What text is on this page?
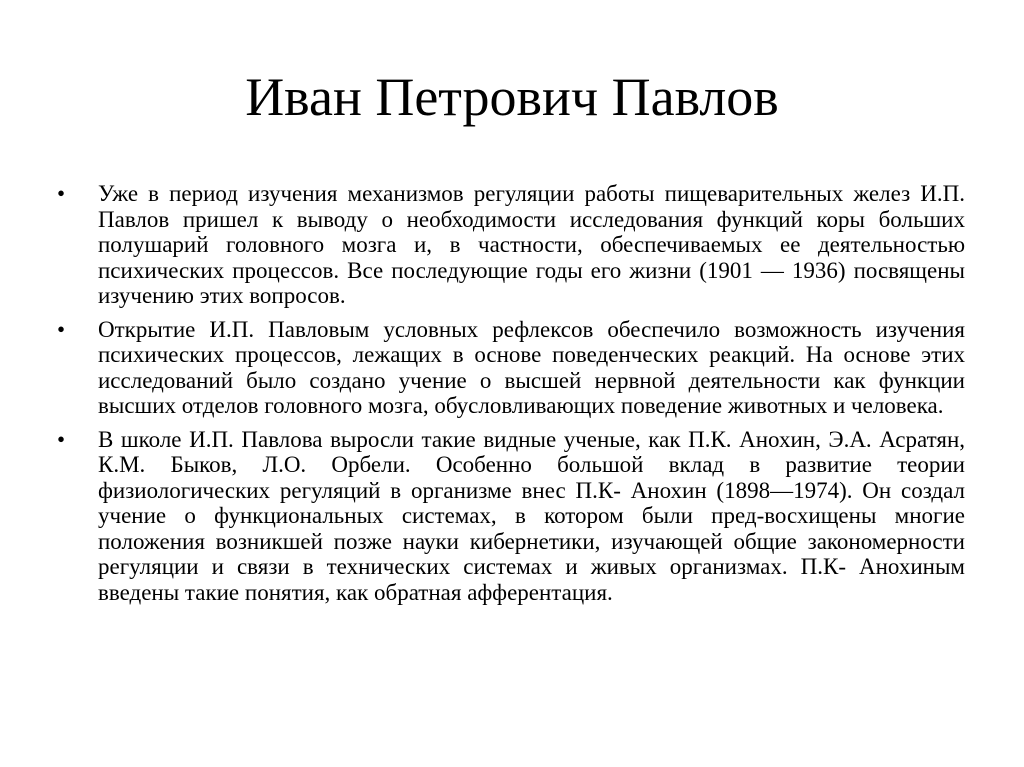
Иван Петрович Павлов
•	Уже в период изучения механизмов регуляции работы пищеварительных желез И.П. Павлов пришел к выводу о необходимости исследования функций коры больших полушарий головного мозга и, в частности, обеспечиваемых ее деятельностью психических процессов. Все последующие годы его жизни (1901 — 1936) посвящены изучению этих вопросов.

•	Открытие И.П. Павловым условных рефлексов обеспечило возможность изучения психических процессов, лежащих в основе поведенческих реакций. На основе этих исследований было создано учение о высшей нервной деятельности как функции высших отделов головного мозга, обусловливающих поведение животных и человека.

•	В школе И.П. Павлова выросли такие видные ученые, как П.К. Анохин, Э.А. Асратян, К.М. Быков, Л.О. Орбели. Особенно большой вклад в развитие теории физиологических регуляций в организме внес П.К- Анохин (1898—1974). Он создал учение о функциональных системах, в котором были пред-восхищены многие положения возникшей позже науки кибернетики, изучающей общие закономерности регуляции и связи в технических системах и живых организмах. П.К- Анохиным введены такие понятия, как обратная афферентация.
